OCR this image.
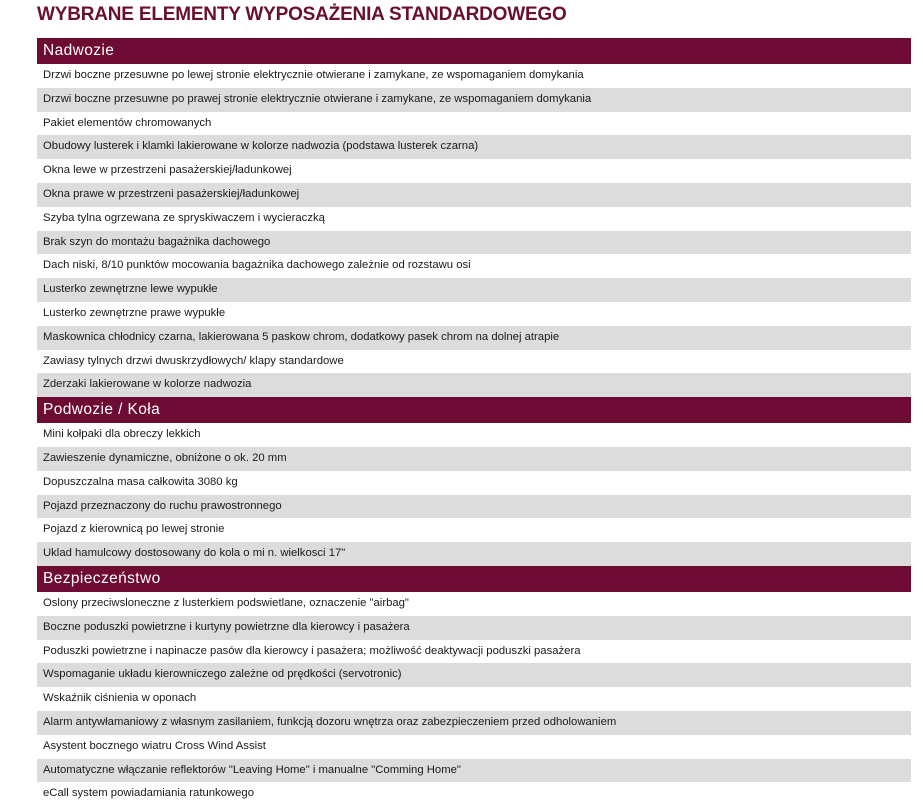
WYBRANE ELEMENTY WYPOSAŻENIA STANDARDOWEGO
Nadwozie
Drzwi boczne przesuwne po lewej stronie elektrycznie otwierane i zamykane, ze wspomaganiem domykania
Drzwi boczne przesuwne po prawej stronie elektrycznie otwierane i zamykane, ze wspomaganiem domykania
Pakiet elementów chromowanych
Obudowy lusterek i klamki lakierowane w kolorze nadwozia (podstawa lusterek czarna)
Okna lewe w przestrzeni pasażerskiej/ładunkowej
Okna prawe w przestrzeni pasażerskiej/ładunkowej
Szyba tylna ogrzewana ze spryskiwaczem i wycieraczką
Brak szyn do montażu bagażnika dachowego
Dach niski, 8/10 punktów mocowania bagażnika dachowego zależnie od rozstawu osi
Lusterko zewnętrzne lewe wypukłe
Lusterko zewnętrzne prawe wypukłe
Maskownica chłodnicy czarna, lakierowana 5 paskow chrom, dodatkowy pasek chrom na dolnej atrapie
Zawiasy tylnych drzwi dwuskrzydłowych/ klapy standardowe
Zderzaki lakierowane w kolorze nadwozia
Podwozie / Koła
Mini kołpaki dla obreczy lekkich
Zawieszenie dynamiczne, obniżone o ok. 20 mm
Dopuszczalna masa całkowita 3080 kg
Pojazd przeznaczony do ruchu prawostronnego
Pojazd z kierownicą po lewej stronie
Uklad hamulcowy dostosowany do kola o mi n. wielkosci 17"
Bezpieczeństwo
Oslony przeciwsloneczne z lusterkiem podswietlane, oznaczenie "airbag"
Boczne poduszki powietrzne i kurtyny powietrzne dla kierowcy i pasażera
Poduszki powietrzne i napinacze pasów dla kierowcy i pasażera; możliwość deaktywacji poduszki pasażera
Wspomaganie układu kierowniczego zależne od prędkości (servotronic)
Wskaźnik ciśnienia w oponach
Alarm antywłamaniowy z własnym zasilaniem, funkcją dozoru wnętrza oraz zabezpieczeniem przed odholowaniem
Asystent bocznego wiatru Cross Wind Assist
Automatyczne włączanie reflektorów "Leaving Home" i manualne "Comming Home"
eCall system powiadamiania ratunkowego
